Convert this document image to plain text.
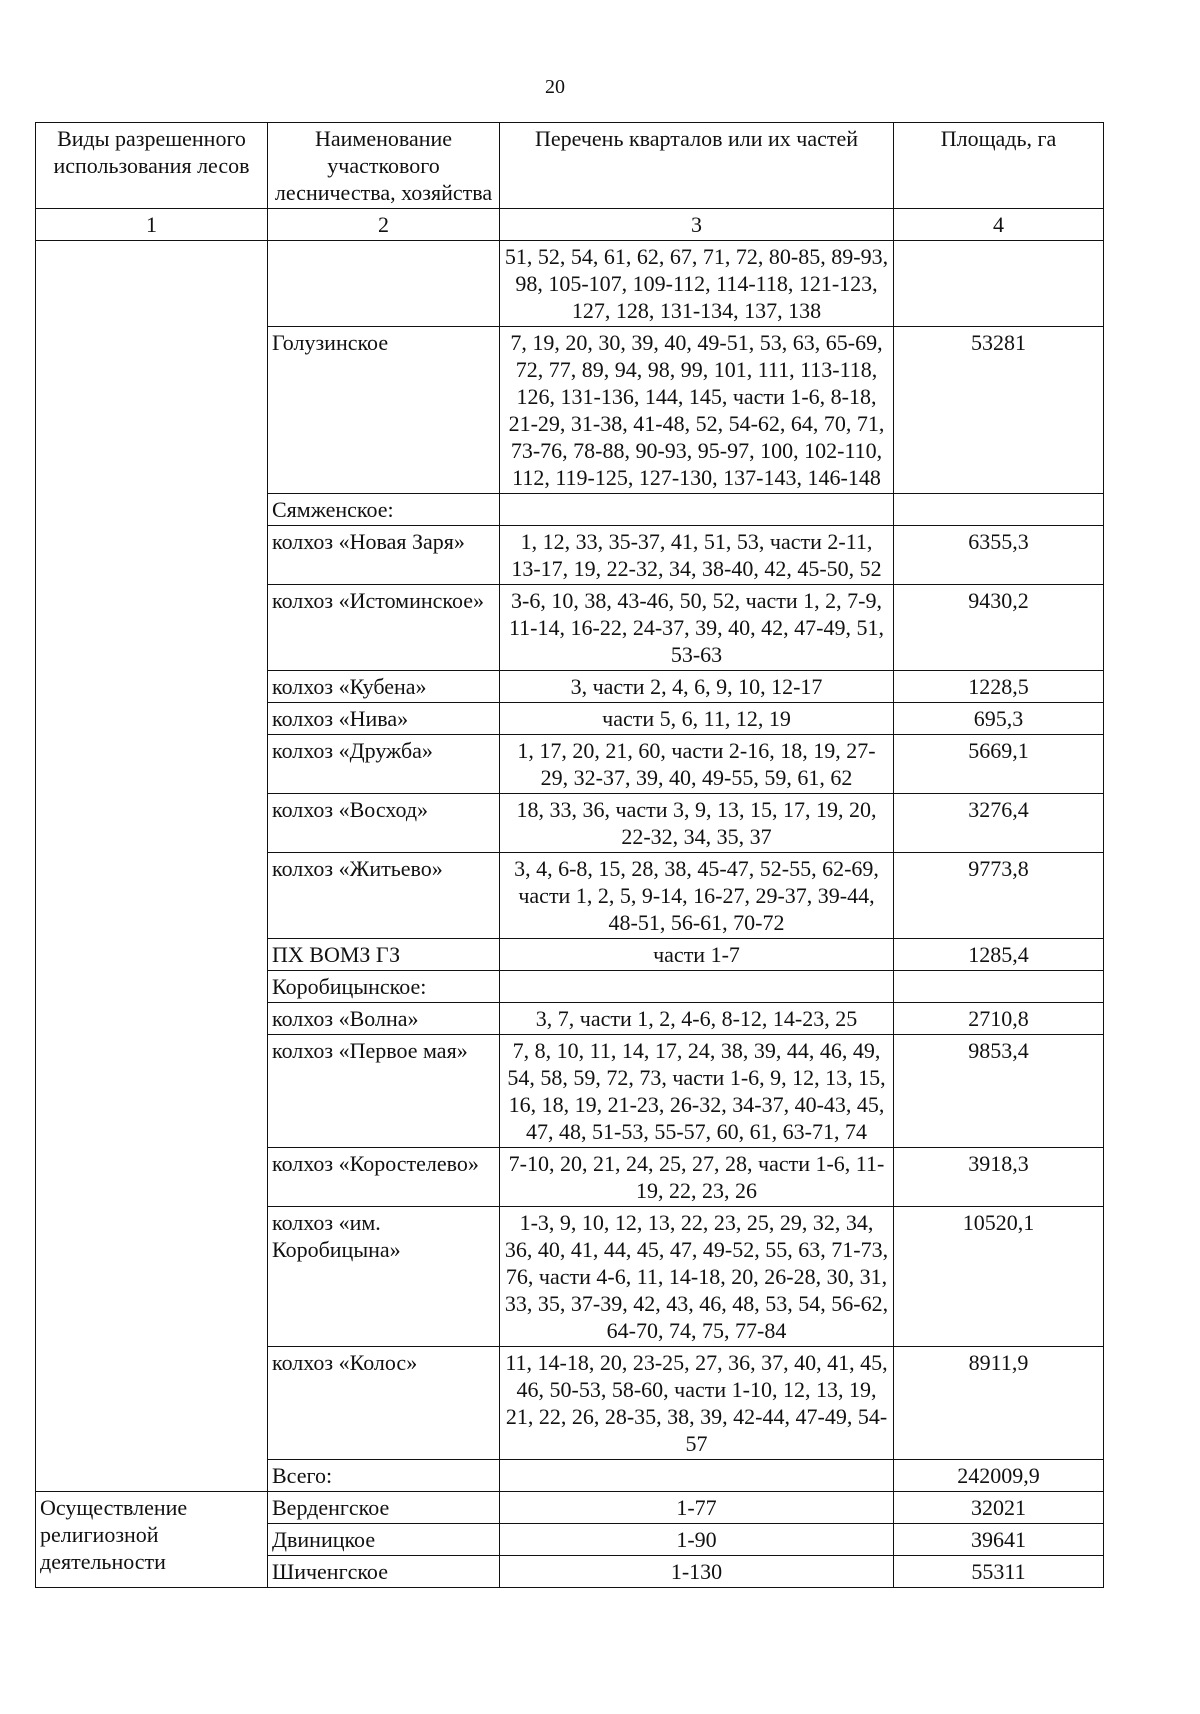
20
Виды разрешенного использования лесов	Наименование участкового лесничества, хозяйства	Перечень кварталов или их частей	Площадь, га
1	2	3	4
		51, 52, 54, 61, 62, 67, 71, 72, 80-85, 89-93, 98, 105-107, 109-112, 114-118, 121-123, 127, 128, 131-134, 137, 138	
	Голузинское	7, 19, 20, 30, 39, 40, 49-51, 53, 63, 65-69, 72, 77, 89, 94, 98, 99, 101, 111, 113-118, 126, 131-136, 144, 145, части 1-6, 8-18, 21-29, 31-38, 41-48, 52, 54-62, 64, 70, 71, 73-76, 78-88, 90-93, 95-97, 100, 102-110, 112, 119-125, 127-130, 137-143, 146-148	53281
	Сямженское:		
	колхоз «Новая Заря»	1, 12, 33, 35-37, 41, 51, 53, части 2-11, 13-17, 19, 22-32, 34, 38-40, 42, 45-50, 52	6355,3
	колхоз «Истоминское»	3-6, 10, 38, 43-46, 50, 52, части 1, 2, 7-9, 11-14, 16-22, 24-37, 39, 40, 42, 47-49, 51, 53-63	9430,2
	колхоз «Кубена»	3, части 2, 4, 6, 9, 10, 12-17	1228,5
	колхоз «Нива»	части 5, 6, 11, 12, 19	695,3
	колхоз «Дружба»	1, 17, 20, 21, 60, части 2-16, 18, 19, 27-29, 32-37, 39, 40, 49-55, 59, 61, 62	5669,1
	колхоз «Восход»	18, 33, 36, части 3, 9, 13, 15, 17, 19, 20, 22-32, 34, 35, 37	3276,4
	колхоз «Житьево»	3, 4, 6-8, 15, 28, 38, 45-47, 52-55, 62-69, части 1, 2, 5, 9-14, 16-27, 29-37, 39-44, 48-51, 56-61, 70-72	9773,8
	ПХ ВОМЗ ГЗ	части 1-7	1285,4
	Коробицынское:		
	колхоз «Волна»	3, 7, части 1, 2, 4-6, 8-12, 14-23, 25	2710,8
	колхоз «Первое мая»	7, 8, 10, 11, 14, 17, 24, 38, 39, 44, 46, 49, 54, 58, 59, 72, 73, части 1-6, 9, 12, 13, 15, 16, 18, 19, 21-23, 26-32, 34-37, 40-43, 45, 47, 48, 51-53, 55-57, 60, 61, 63-71, 74	9853,4
	колхоз «Коростелево»	7-10, 20, 21, 24, 25, 27, 28, части 1-6, 11-19, 22, 23, 26	3918,3
	колхоз «им. Коробицына»	1-3, 9, 10, 12, 13, 22, 23, 25, 29, 32, 34, 36, 40, 41, 44, 45, 47, 49-52, 55, 63, 71-73, 76, части 4-6, 11, 14-18, 20, 26-28, 30, 31, 33, 35, 37-39, 42, 43, 46, 48, 53, 54, 56-62, 64-70, 74, 75, 77-84	10520,1
	колхоз «Колос»	11, 14-18, 20, 23-25, 27, 36, 37, 40, 41, 45, 46, 50-53, 58-60, части 1-10, 12, 13, 19, 21, 22, 26, 28-35, 38, 39, 42-44, 47-49, 54-57	8911,9
	Всего:		242009,9
Осуществление религиозной деятельности	Верденгское	1-77	32021
	Двиницкое	1-90	39641
	Шиченгское	1-130	55311
